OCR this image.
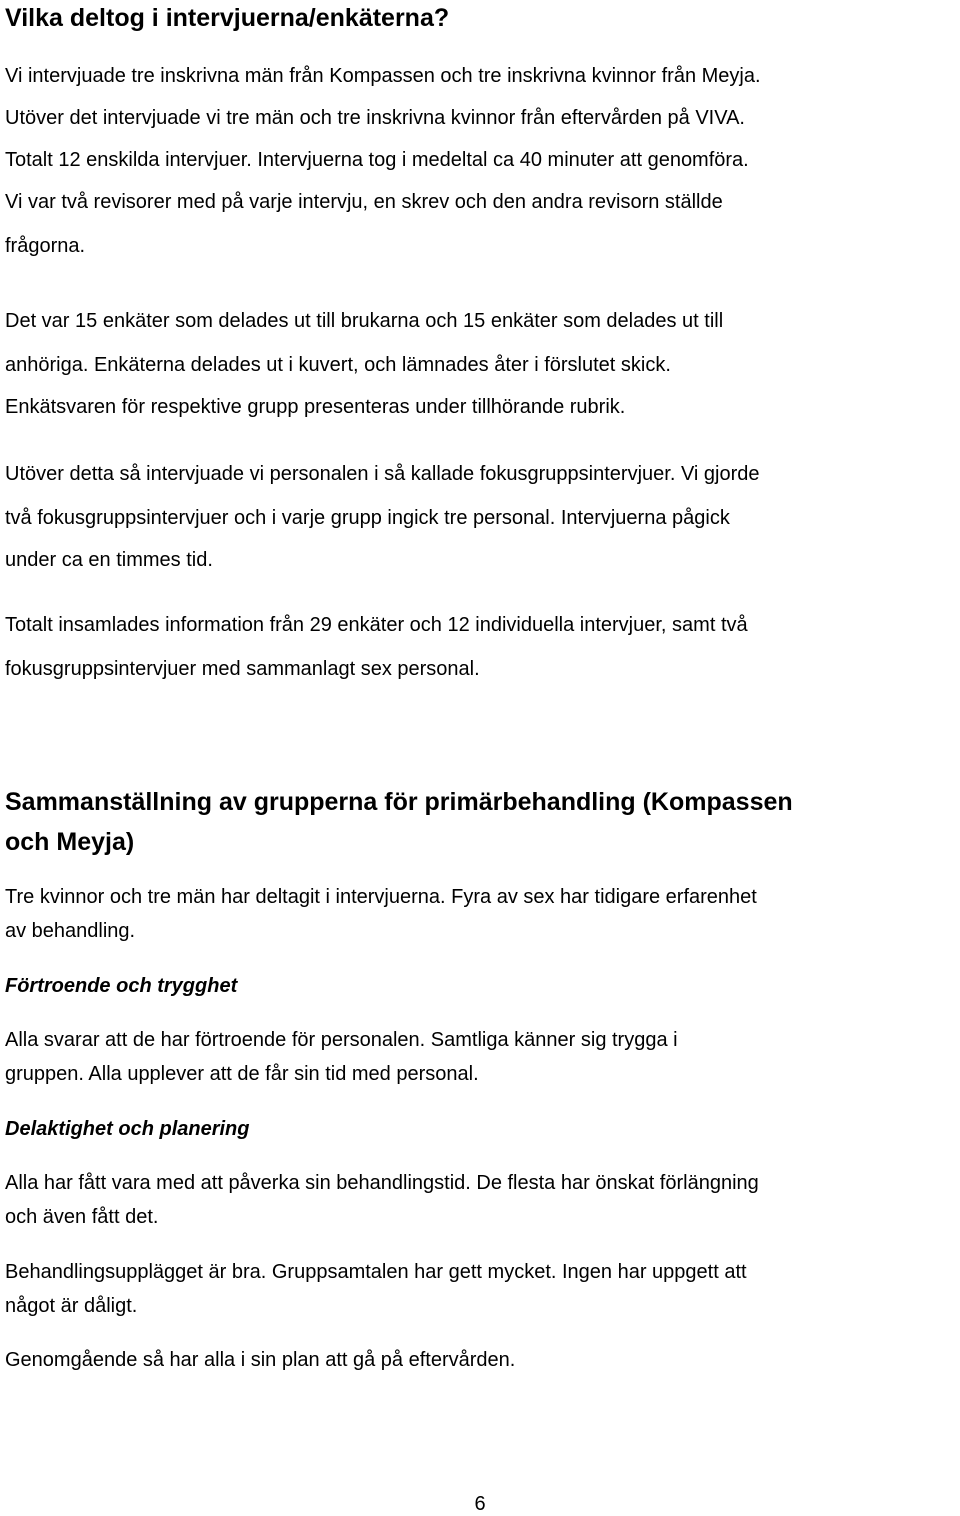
Vilka deltog i intervjuerna/enkäterna?
Vi intervjuade tre inskrivna män från Kompassen och tre inskrivna kvinnor från Meyja.
Utöver det intervjuade vi tre män och tre inskrivna kvinnor från eftervården på VIVA.
Totalt 12 enskilda intervjuer. Intervjuerna tog i medeltal ca 40 minuter att genomföra.
Vi var två revisorer med på varje intervju, en skrev och den andra revisorn ställde
frågorna.
Det var 15 enkäter som delades ut till brukarna och 15 enkäter som delades ut till
anhöriga. Enkäterna delades ut i kuvert, och lämnades åter i förslutet skick.
Enkätsvaren för respektive grupp presenteras under tillhörande rubrik.
Utöver detta så intervjuade vi personalen i så kallade fokusgruppsintervjuer. Vi gjorde
två fokusgruppsintervjuer och i varje grupp ingick tre personal. Intervjuerna pågick
under ca en timmes tid.
Totalt insamlades information från 29 enkäter och 12 individuella intervjuer, samt två
fokusgruppsintervjuer med sammanlagt sex personal.
Sammanställning av grupperna för primärbehandling (Kompassen
och Meyja)
Tre kvinnor och tre män har deltagit i intervjuerna. Fyra av sex har tidigare erfarenhet
av behandling.
Förtroende och trygghet
Alla svarar att de har förtroende för personalen. Samtliga känner sig trygga i
gruppen. Alla upplever att de får sin tid med personal.
Delaktighet och planering
Alla har fått vara med att påverka sin behandlingstid. De flesta har önskat förlängning
och även fått det.
Behandlingsupplägget är bra. Gruppsamtalen har gett mycket. Ingen har uppgett att
något är dåligt.
Genomgående så har alla i sin plan att gå på eftervården.
6
